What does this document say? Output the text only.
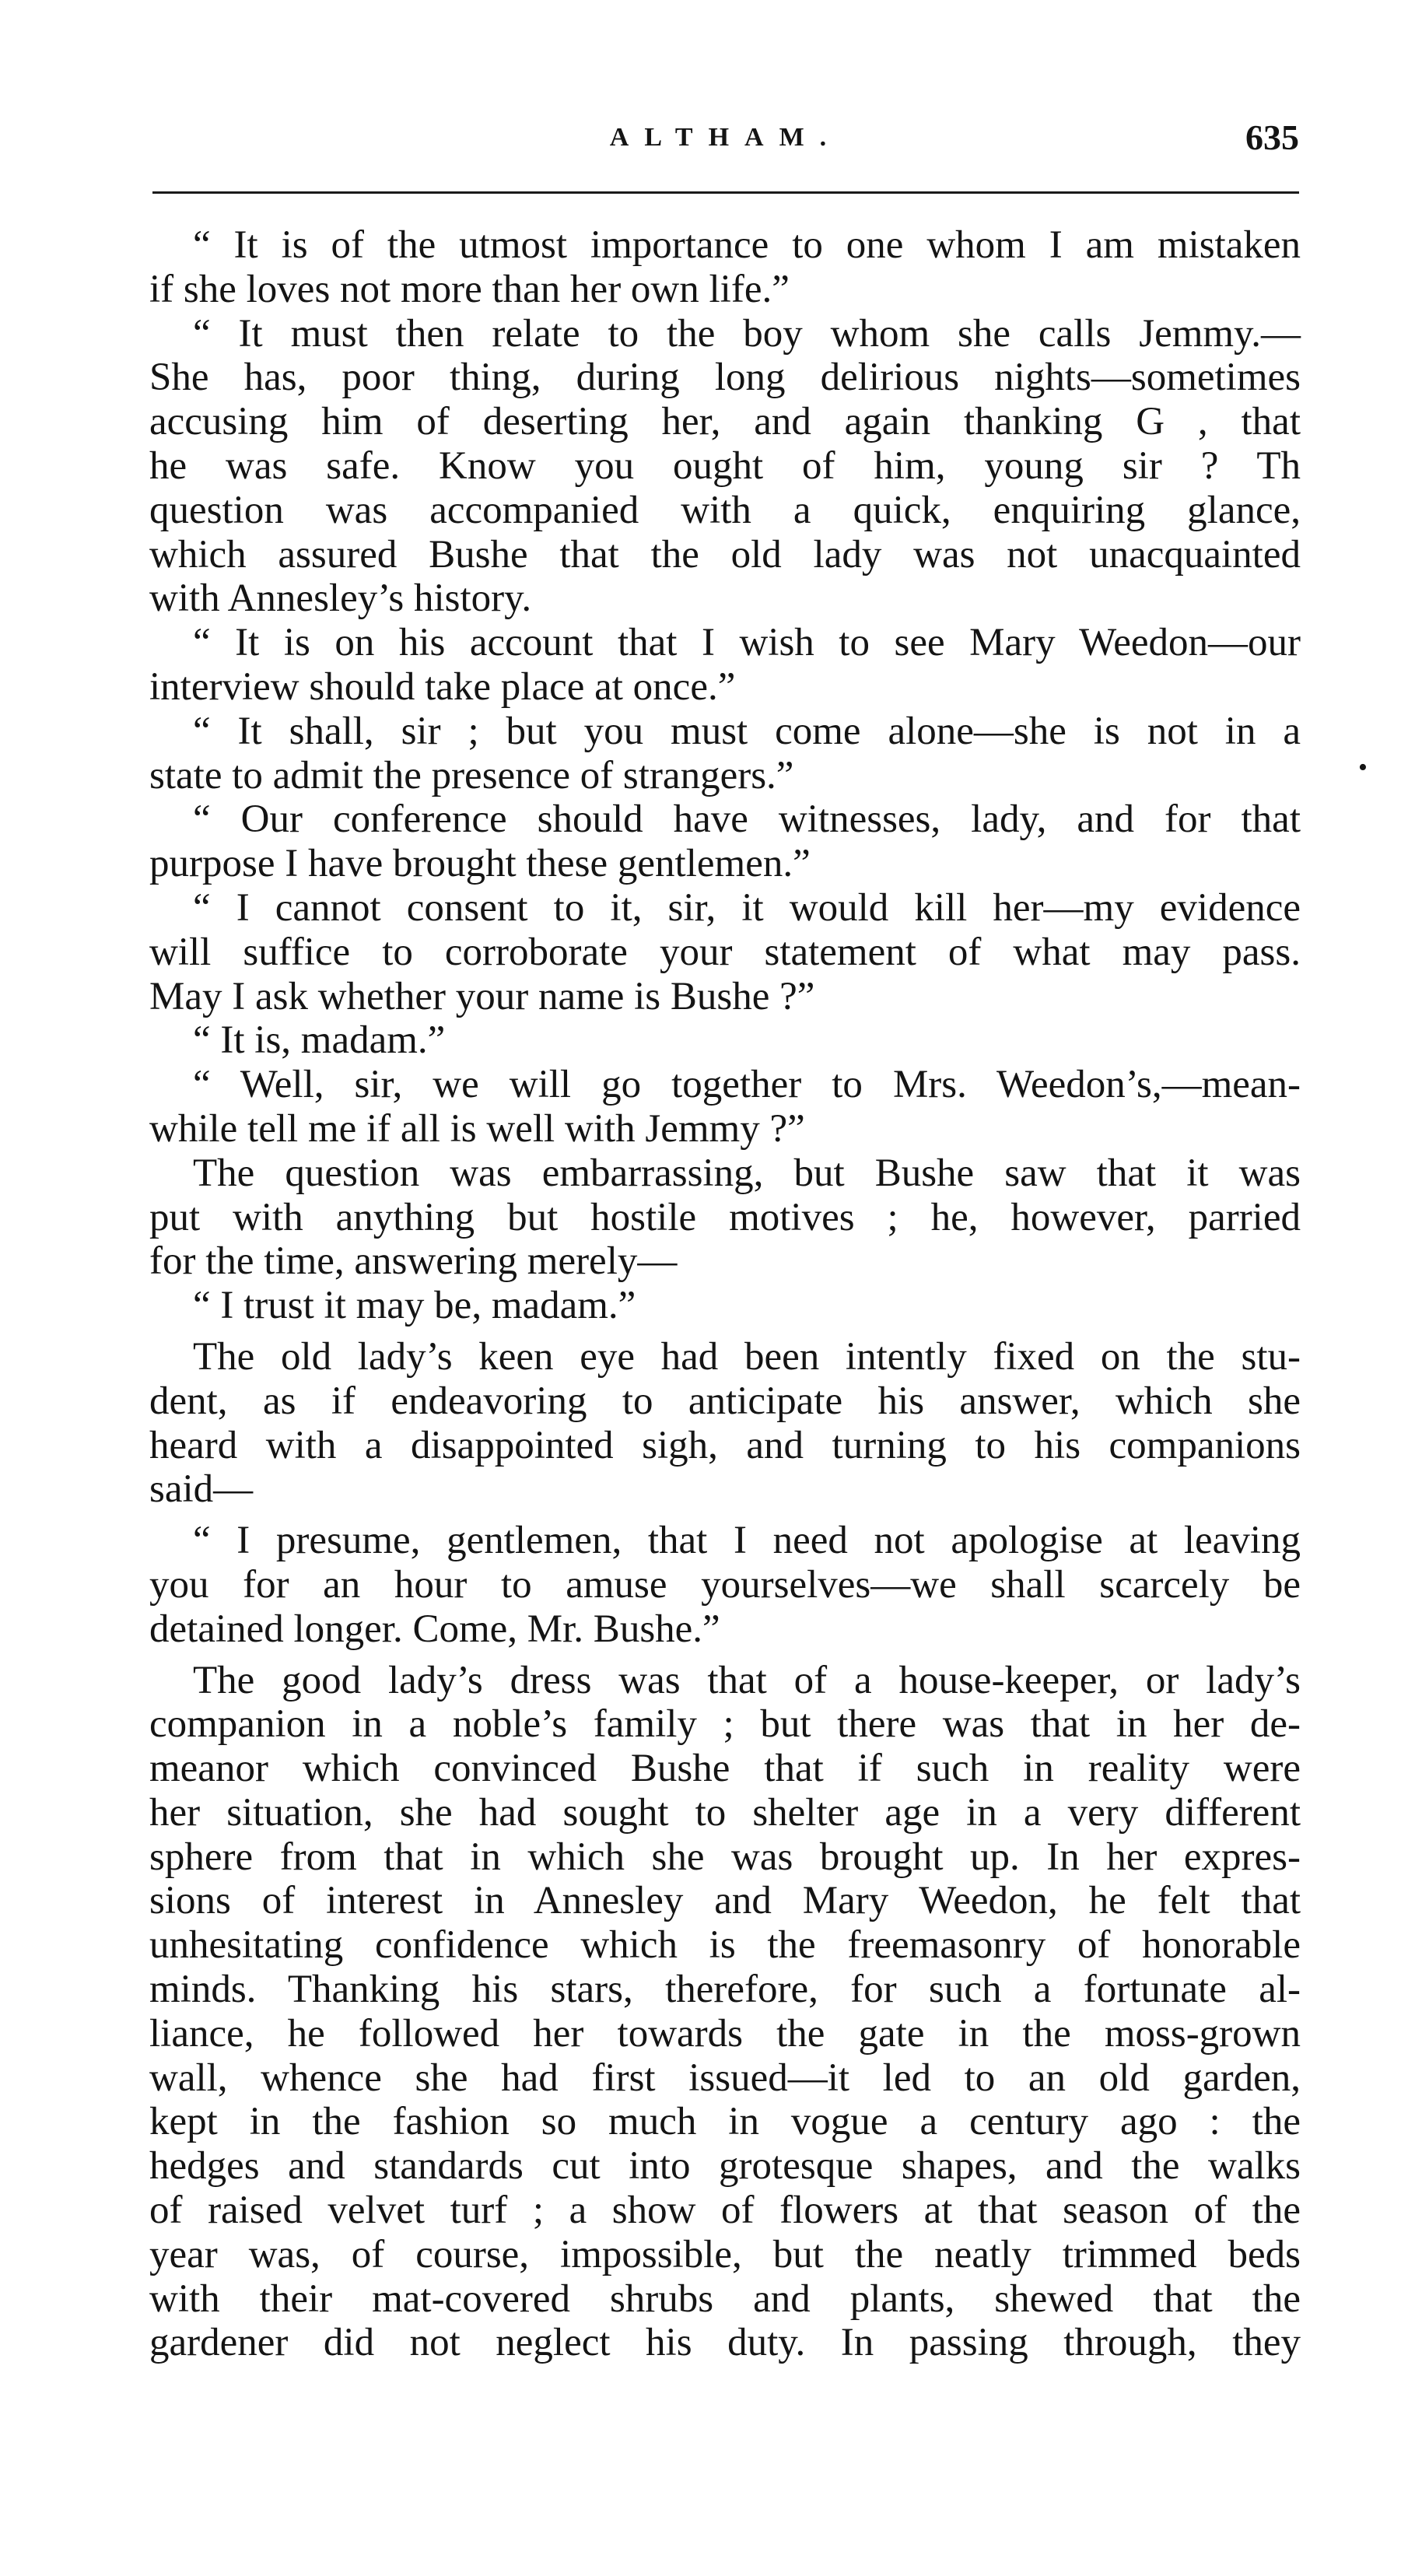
ALTHAM.	635
•
“ It is of the utmost importance to one whom I am mistaken
if she loves not more than her own life.”
“ It must then relate to the boy whom she calls Jemmy.—
She has, poor thing, during long delirious nights—sometimes
accusing him of deserting her, and again thanking G , that
he was safe. Know you ought of him, young sir ? Th
question was accompanied with a quick, enquiring glance,
which assured Bushe that the old lady was not unacquainted
with Annesley’s history.
“ It is on his account that I wish to see Mary Weedon—our
interview should take place at once.”
“ It shall, sir ; but you must come alone—she is not in a
state to admit the presence of strangers.”
“ Our conference should have witnesses, lady, and for that
purpose I have brought these gentlemen.”
“ I cannot consent to it, sir, it would kill her—my evidence
will suffice to corroborate your statement of what may pass.
May I ask whether your name is Bushe ?”
“ It is, madam.”
“ Well, sir, we will go together to Mrs. Weedon’s,—mean-
while tell me if all is well with Jemmy ?”
The question was embarrassing, but Bushe saw that it was
put with anything but hostile motives ; he, however, parried
for the time, answering merely—
“ I trust it may be, madam.”
The old lady’s keen eye had been intently fixed on the stu-
dent, as if endeavoring to anticipate his answer, which she
heard with a disappointed sigh, and turning to his companions
said—
“ I presume, gentlemen, that I need not apologise at leaving
you for an hour to amuse yourselves—we shall scarcely be
detained longer. Come, Mr. Bushe.”
The good lady’s dress was that of a house-keeper, or lady’s
companion in a noble’s family ; but there was that in her de-
meanor which convinced Bushe that if such in reality were
her situation, she had sought to shelter age in a very different
sphere from that in which she was brought up. In her expres-
sions of interest in Annesley and Mary Weedon, he felt that
unhesitating confidence which is the freemasonry of honorable
minds. Thanking his stars, therefore, for such a fortunate al-
liance, he followed her towards the gate in the moss-grown
wall, whence she had first issued—it led to an old garden,
kept in the fashion so much in vogue a century ago : the
hedges and standards cut into grotesque shapes, and the walks
of raised velvet turf ; a show of flowers at that season of the
year was, of course, impossible, but the neatly trimmed beds
with their mat-covered shrubs and plants, shewed that the
gardener did not neglect his duty. In passing through, they
